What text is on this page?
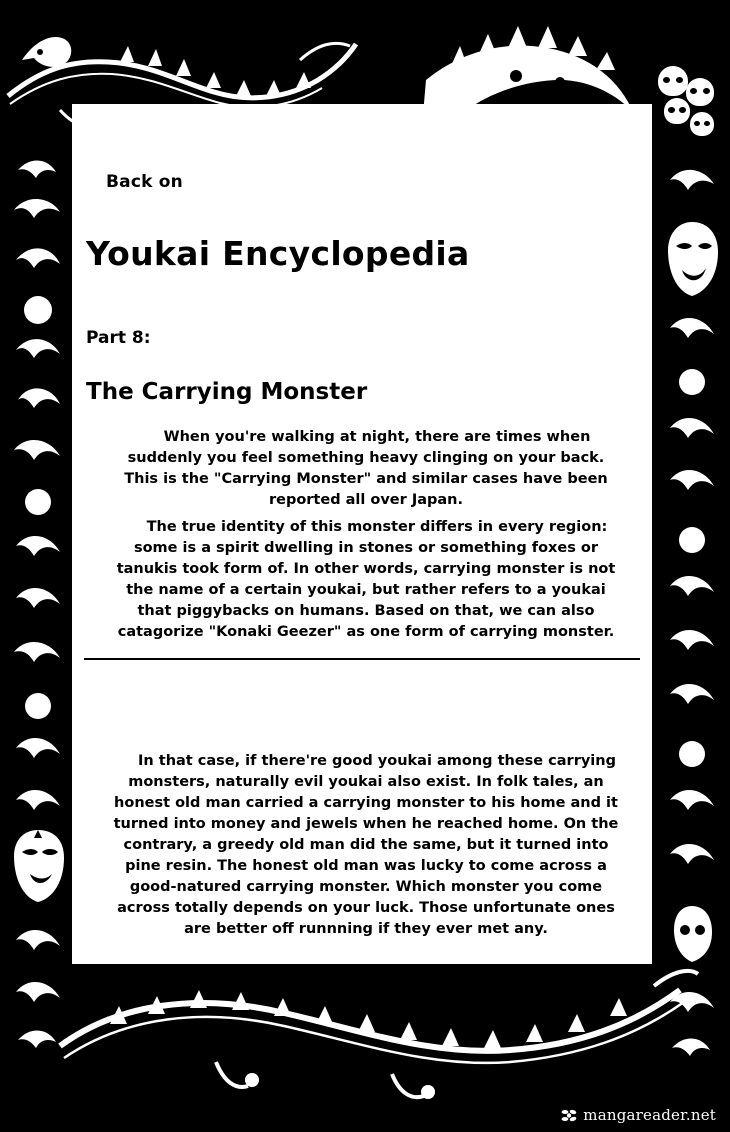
Back on
Youkai Encyclopedia
Part 8:
The Carrying Monster

When you're walking at night, there are times when suddenly you feel something heavy clinging on your back. This is the "Carrying Monster" and similar cases have been reported all over Japan.

The true identity of this monster differs in every region: some is a spirit dwelling in stones or something foxes or tanukis took form of. In other words, carrying monster is not the name of a certain youkai, but rather refers to a youkai that piggybacks on humans. Based on that, we can also catagorize "Konaki Geezer" as one form of carrying monster.

In that case, if there're good youkai among these carrying monsters, naturally evil youkai also exist. In folk tales, an honest old man carried a carrying monster to his home and it turned into money and jewels when he reached home. On the contrary, a greedy old man did the same, but it turned into pine resin. The honest old man was lucky to come across a good-natured carrying monster. Which monster you come across totally depends on your luck. Those unfortunate ones are better off runnning if they ever met any.

mangareader.net
